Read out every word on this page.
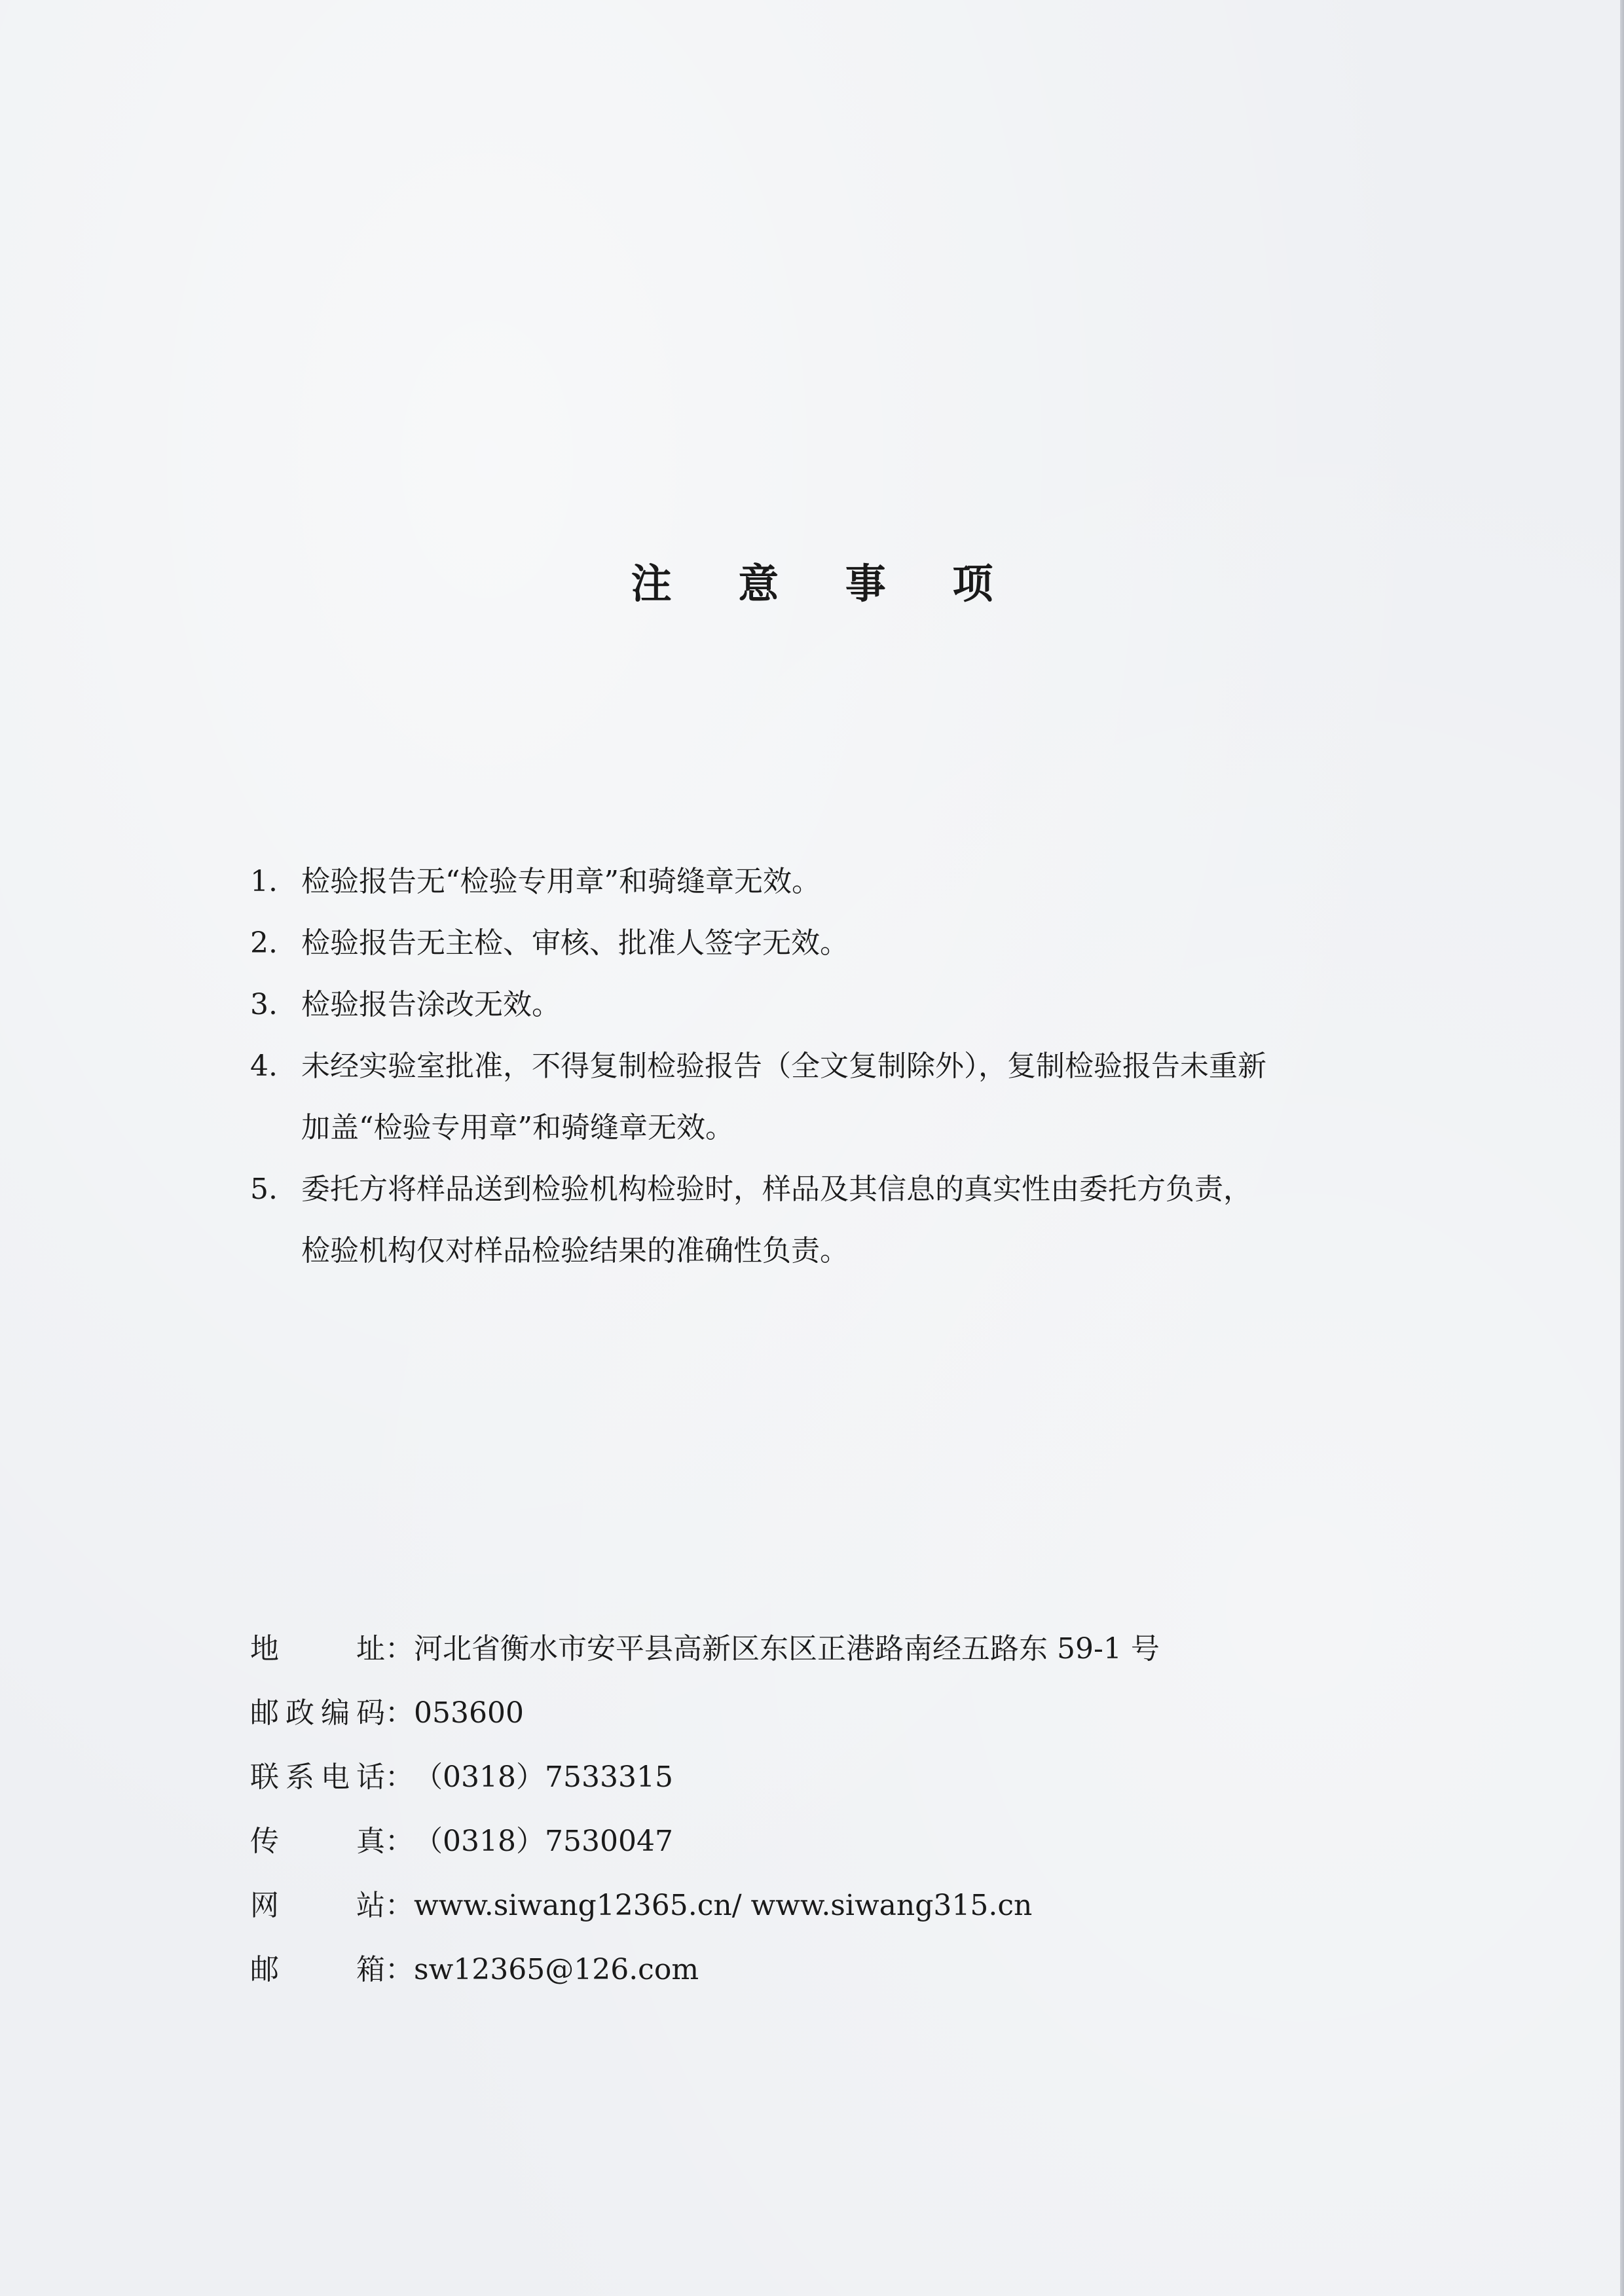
注 意 事 项
1. 检验报告无“检验专用章”和骑缝章无效。
2. 检验报告无主检、审核、批准人签字无效。
3. 检验报告涂改无效。
4. 未经实验室批准，不得复制检验报告（全文复制除外），复制检验报告未重新
加盖“检验专用章”和骑缝章无效。
5. 委托方将样品送到检验机构检验时，样品及其信息的真实性由委托方负责，
检验机构仅对样品检验结果的准确性负责。
地 址 ： 河北省衡水市安平县高新区东区正港路南经五路东 59-1 号
邮政编码 ： 053600
联系电话 ： （0318）7533315
传 真 ： （0318）7530047
网 站 ： www.siwang12365.cn/ www.siwang315.cn
邮 箱 ： sw12365@126.com
